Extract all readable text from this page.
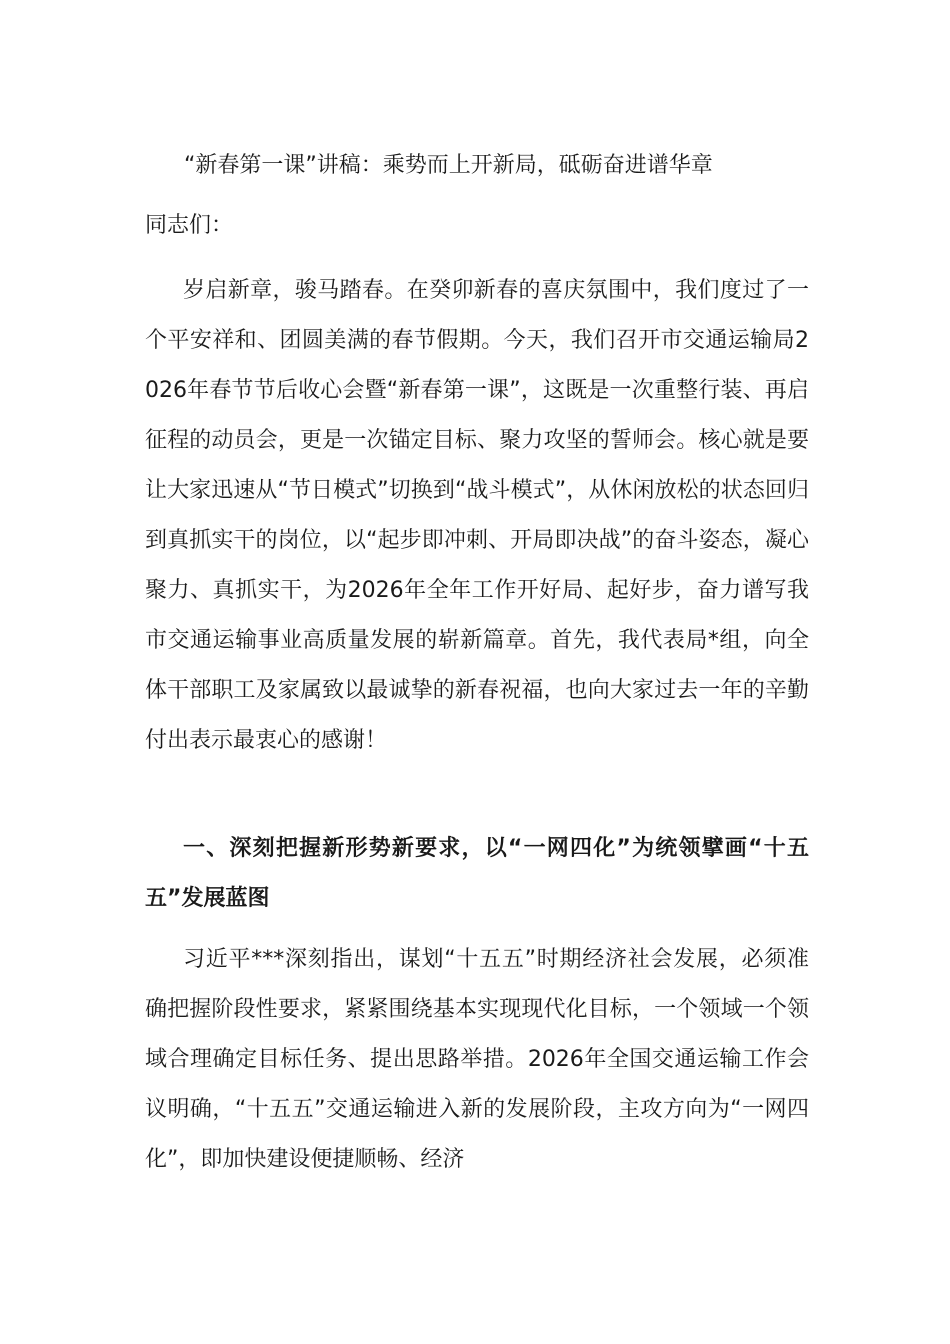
“新春第一课”讲稿：乘势而上开新局，砥砺奋进谱华章

同志们：

岁启新章，骏马踏春。在癸卯新春的喜庆氛围中，我们度过了一个平安祥和、团圆美满的春节假期。今天，我们召开市交通运输局2026年春节节后收心会暨“新春第一课”，这既是一次重整行装、再启征程的动员会，更是一次锚定目标、聚力攻坚的誓师会。核心就是要让大家迅速从“节日模式”切换到“战斗模式”，从休闲放松的状态回归到真抓实干的岗位，以“起步即冲刺、开局即决战”的奋斗姿态，凝心聚力、真抓实干，为2026年全年工作开好局、起好步，奋力谱写我市交通运输事业高质量发展的崭新篇章。首先，我代表局*组，向全体干部职工及家属致以最诚挚的新春祝福，也向大家过去一年的辛勤付出表示最衷心的感谢！

一、深刻把握新形势新要求，以“一网四化”为统领擘画“十五五”发展蓝图

习近平***深刻指出，谋划“十五五”时期经济社会发展，必须准确把握阶段性要求，紧紧围绕基本实现现代化目标，一个领域一个领域合理确定目标任务、提出思路举措。2026年全国交通运输工作会议明确，“十五五”交通运输进入新的发展阶段，主攻方向为“一网四化”，即加快建设便捷顺畅、经济
